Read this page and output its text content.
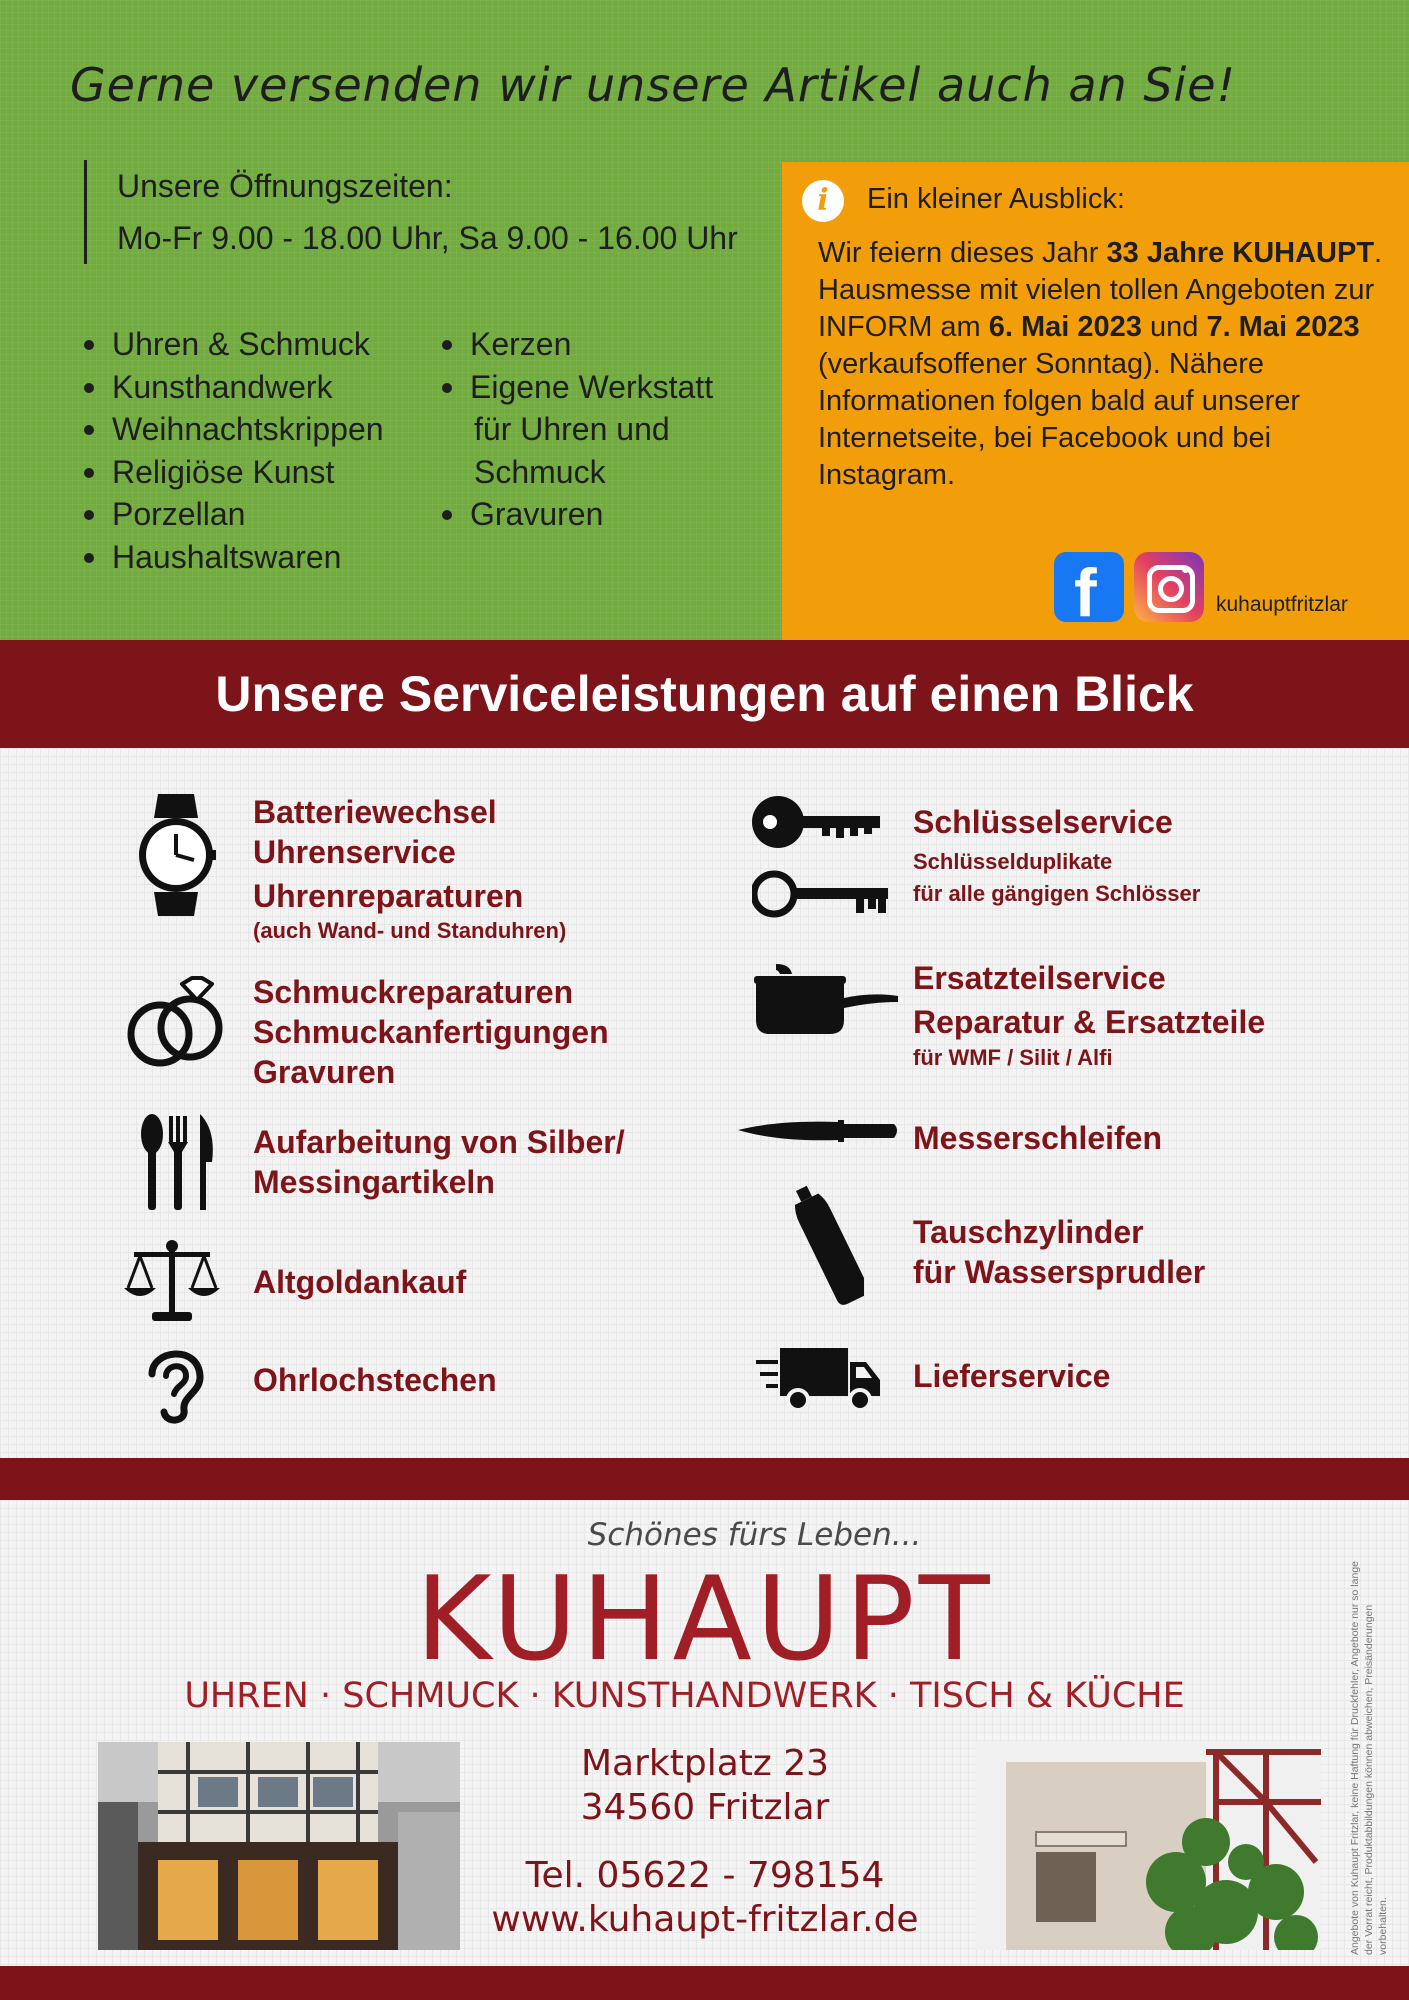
Gerne versenden wir unsere Artikel auch an Sie!
Unsere Öffnungszeiten:
Mo-Fr 9.00 - 18.00 Uhr, Sa 9.00 - 16.00 Uhr
Uhren & Schmuck
Kunsthandwerk
Weihnachtskrippen
Religiöse Kunst
Porzellan
Haushaltswaren
Kerzen
Eigene Werkstatt
für Uhren und
Schmuck
Gravuren
i	Ein kleiner Ausblick:
Wir feiern dieses Jahr 33 Jahre KUHAUPT.
Hausmesse mit vielen tollen Angeboten zur INFORM am 6. Mai 2023 und 7. Mai 2023 (verkaufsoffener Sonntag). Nähere Informationen folgen bald auf unserer Internetseite, bei Facebook und bei Instagram.
f	kuhauptfritzlar
Unsere Serviceleistungen auf einen Blick
Batteriewechsel
Uhrenservice
Uhrenreparaturen
(auch Wand- und Standuhren)
Schmuckreparaturen
Schmuckanfertigungen
Gravuren
Aufarbeitung von Silber/
Messingartikeln
Altgoldankauf
Ohrlochstechen
Schlüsselservice
Schlüsselduplikate
für alle gängigen Schlösser
Ersatzteilservice
Reparatur & Ersatzteile
für WMF / Silit / Alfi
Messerschleifen
Tauschzylinder
für Wassersprudler
Lieferservice
Schönes fürs Leben...
KUHAUPT
UHREN · SCHMUCK · KUNSTHANDWERK · TISCH & KÜCHE
Marktplatz 23
34560 Fritzlar
Tel. 05622 - 798154
www.kuhaupt-fritzlar.de	Angebote von Kuhaupt Fritzlar, keine Haftung für Druckfehler, Angebote nur so lange der Vorrat reicht, Produktabbildungen können abweichen, Preisänderungen vorbehalten.
